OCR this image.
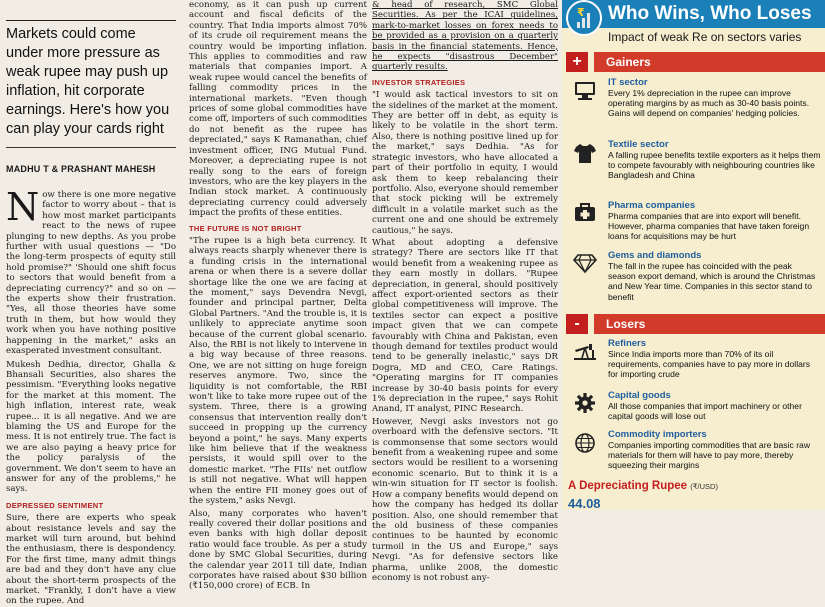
Markets could come under more pressure as weak rupee may push up inflation, hit corporate earnings. Here's how you can play your cards right
MADHU T & PRASHANT MAHESH

Now there is one more negative factor to worry about – that is how most market participants react to the news of rupee plunging to new depths. As you probe further with usual questions — "Do the long-term prospects of equity still hold promise?" 'Should one shift focus to sectors that would benefit from a depreciating currency?" and so on — the experts show their frustration. "Yes, all those theories have some truth in them, but how would they work when you have nothing positive happening in the market," asks an exasperated investment consultant.

Mukesh Dedhia, director, Ghalla & Bhansali Securities, also shares the pessimism. "Everything looks negative for the market at this moment. The high inflation, interest rate, weak rupee... it is all negative. And we are blaming the US and Europe for the mess. It is not entirely true. The fact is we are also paying a heavy price for the policy paralysis of the government. We don't seem to have an answer for any of the problems," he says.

DEPRESSED SENTIMENT

Sure, there are experts who speak about resistance levels and say the market will turn around, but behind the enthusiasm, there is despondency. For the first time, many admit things are bad and they don't have any clue about the short-term prospects of the market. "Frankly, I don't have a view on the rupee. And

economy, as it can push up current account and fiscal deficits of the country. That India imports almost 70% of its crude oil requirement means the country would be importing inflation. This applies to commodities and raw materials that companies import. A weak rupee would cancel the benefits of falling commodity prices in the international markets. "Even though prices of some global commodities have come off, importers of such commodities do not benefit as the rupee has depreciated," says K Ramanathan, chief investment officer, ING Mutual Fund. Moreover, a depreciating rupee is not really song to the ears of foreign investors, who are the key players in the Indian stock market. A continuously depreciating currency could adversely impact the profits of these entities.

THE FUTURE IS NOT BRIGHT

"The rupee is a high beta currency. It always reacts sharply whenever there is a funding crisis in the international arena or when there is a severe dollar shortage like the one we are facing at the moment," says Devendra Nevgi, founder and principal partner, Delta Global Partners. "And the trouble is, it is unlikely to appreciate anytime soon because of the current global scenario. Also, the RBI is not likely to intervene in a big way because of three reasons. One, we are not sitting on huge foreign reserves anymore. Two, since the liquidity is not comfortable, the RBI won't like to take more rupee out of the system. Three, there is a growing consensus that intervention really don't succeed in propping up the currency beyond a point," he says. Many experts like him believe that if the weakness persists, it would spill over to the domestic market. "The FIIs' net outflow is still not negative. What will happen when the entire FII money goes out of the system," asks Nevgi.

Also, many corporates who haven't really covered their dollar positions and even banks with high dollar deposit ratio would face trouble. As per a study done by SMC Global Securities, during the calendar year 2011 till date, Indian corporates have raised about $30 billion (₹150,000 crore) of ECB. In

& head of research, SMC Global Securities. As per the ICAI guidelines, mark-to-market losses on forex needs to be provided as a provision on a quarterly basis in the financial statements. Hence, he expects "disastrous December" quarterly results.

INVESTOR STRATEGIES

"I would ask tactical investors to sit on the sidelines of the market at the moment. They are better off in debt, as equity is likely to be volatile in the short term. Also, there is nothing positive lined up for the market," says Dedhia. "As for strategic investors, who have allocated a part of their portfolio in equity, I would ask them to keep rebalancing their portfolio. Also, everyone should remember that stock picking will be extremely difficult in a volatile market such as the current one and one should be extremely cautious," he says.

What about adopting a defensive strategy? There are sectors like IT that would benefit from a weakening rupee as they earn mostly in dollars. "Rupee depreciation, in general, should positively affect export-oriented sectors as their global competitiveness will improve. The textiles sector can expect a positive impact given that we can compete favourably with China and Pakistan, even though demand for textiles product would tend to be generally inelastic," says DR Dogra, MD and CEO, Care Ratings. "Operating margins for IT companies increase by 30-40 basis points for every 1% depreciation in the rupee," says Rohit Anand, IT analyst, PINC Research.

However, Nevgi asks investors not go overboard with the defensive sectors. "It is commonsense that some sectors would benefit from a weakening rupee and some sectors would be resilient to a worsening economic scenario. But to think it is a win-win situation for IT sector is foolish. How a company benefits would depend on how the company has hedged its dollar position. Also, one should remember that the old business of these companies continues to be haunted by economic turmoil in the US and Europe," says Nevgi. "As for defensive sectors like pharma, unlike 2008, the domestic economy is not robust any-

₹ Who Wins, Who Loses
Impact of weak Re on sectors varies
+	Gainers
IT sector
Every 1% depreciation in the rupee can improve operating margins by as much as 30-40 basis points. Gains will depend on companies' hedging policies.
Textile sector
A falling rupee benefits textile exporters as it helps them to compete favourably with neighbouring countries like Bangladesh and China
Pharma companies
Pharma companies that are into export will benefit. However, pharma companies that have taken foreign loans for acquisitions may be hurt
Gems and diamonds
The fall in the rupee has coincided with the peak season export demand, which is around the Christmas and New Year time. Companies in this sector stand to benefit
-	Losers
Refiners
Since India imports more than 70% of its oil requirements, companies have to pay more in dollars for importing crude
Capital goods
All those companies that import machinery or other capital goods will lose out
Commodity importers
Companies importing commodities that are basic raw materials for them will have to pay more, thereby squeezing their margins
A Depreciating Rupee (₹/USD)
44.08
